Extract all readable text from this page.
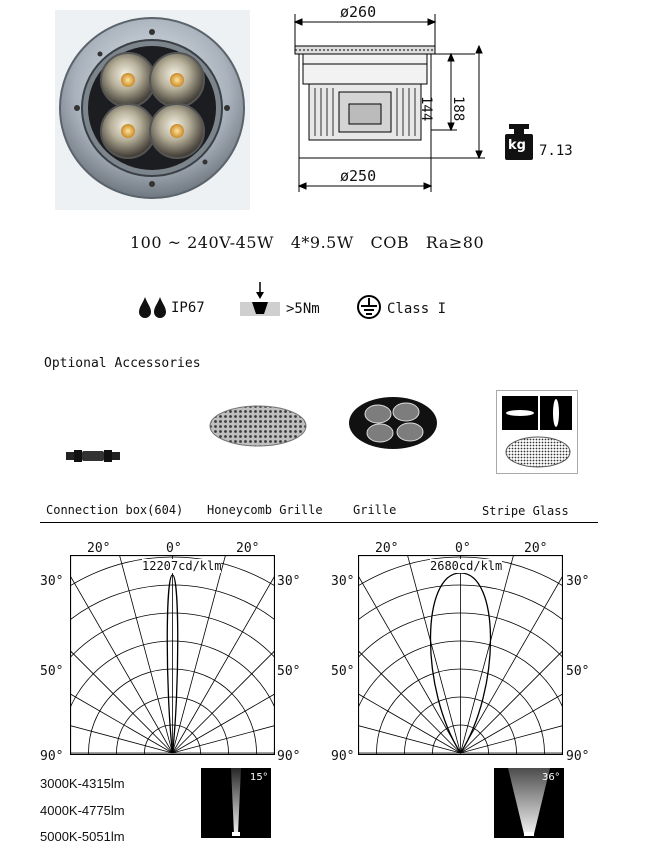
ø260
ø250
144 188
kg 7.13
100 ~ 240V-45W   4*9.5W   COB   Ra≥80
IP67	>5Nm	Class I
Optional Accessories
Connection box(604) Honeycomb Grille	Grille	Stripe Glass
20°	0°	20°
12207cd/klm
30°	30°
50°	50°
90°	90°
20°	0°	20°
2680cd/klm
30°	30°
50°	50°
90°	90°
3000K-4315lm
4000K-4775lm
5000K-5051lm
15°	36°
